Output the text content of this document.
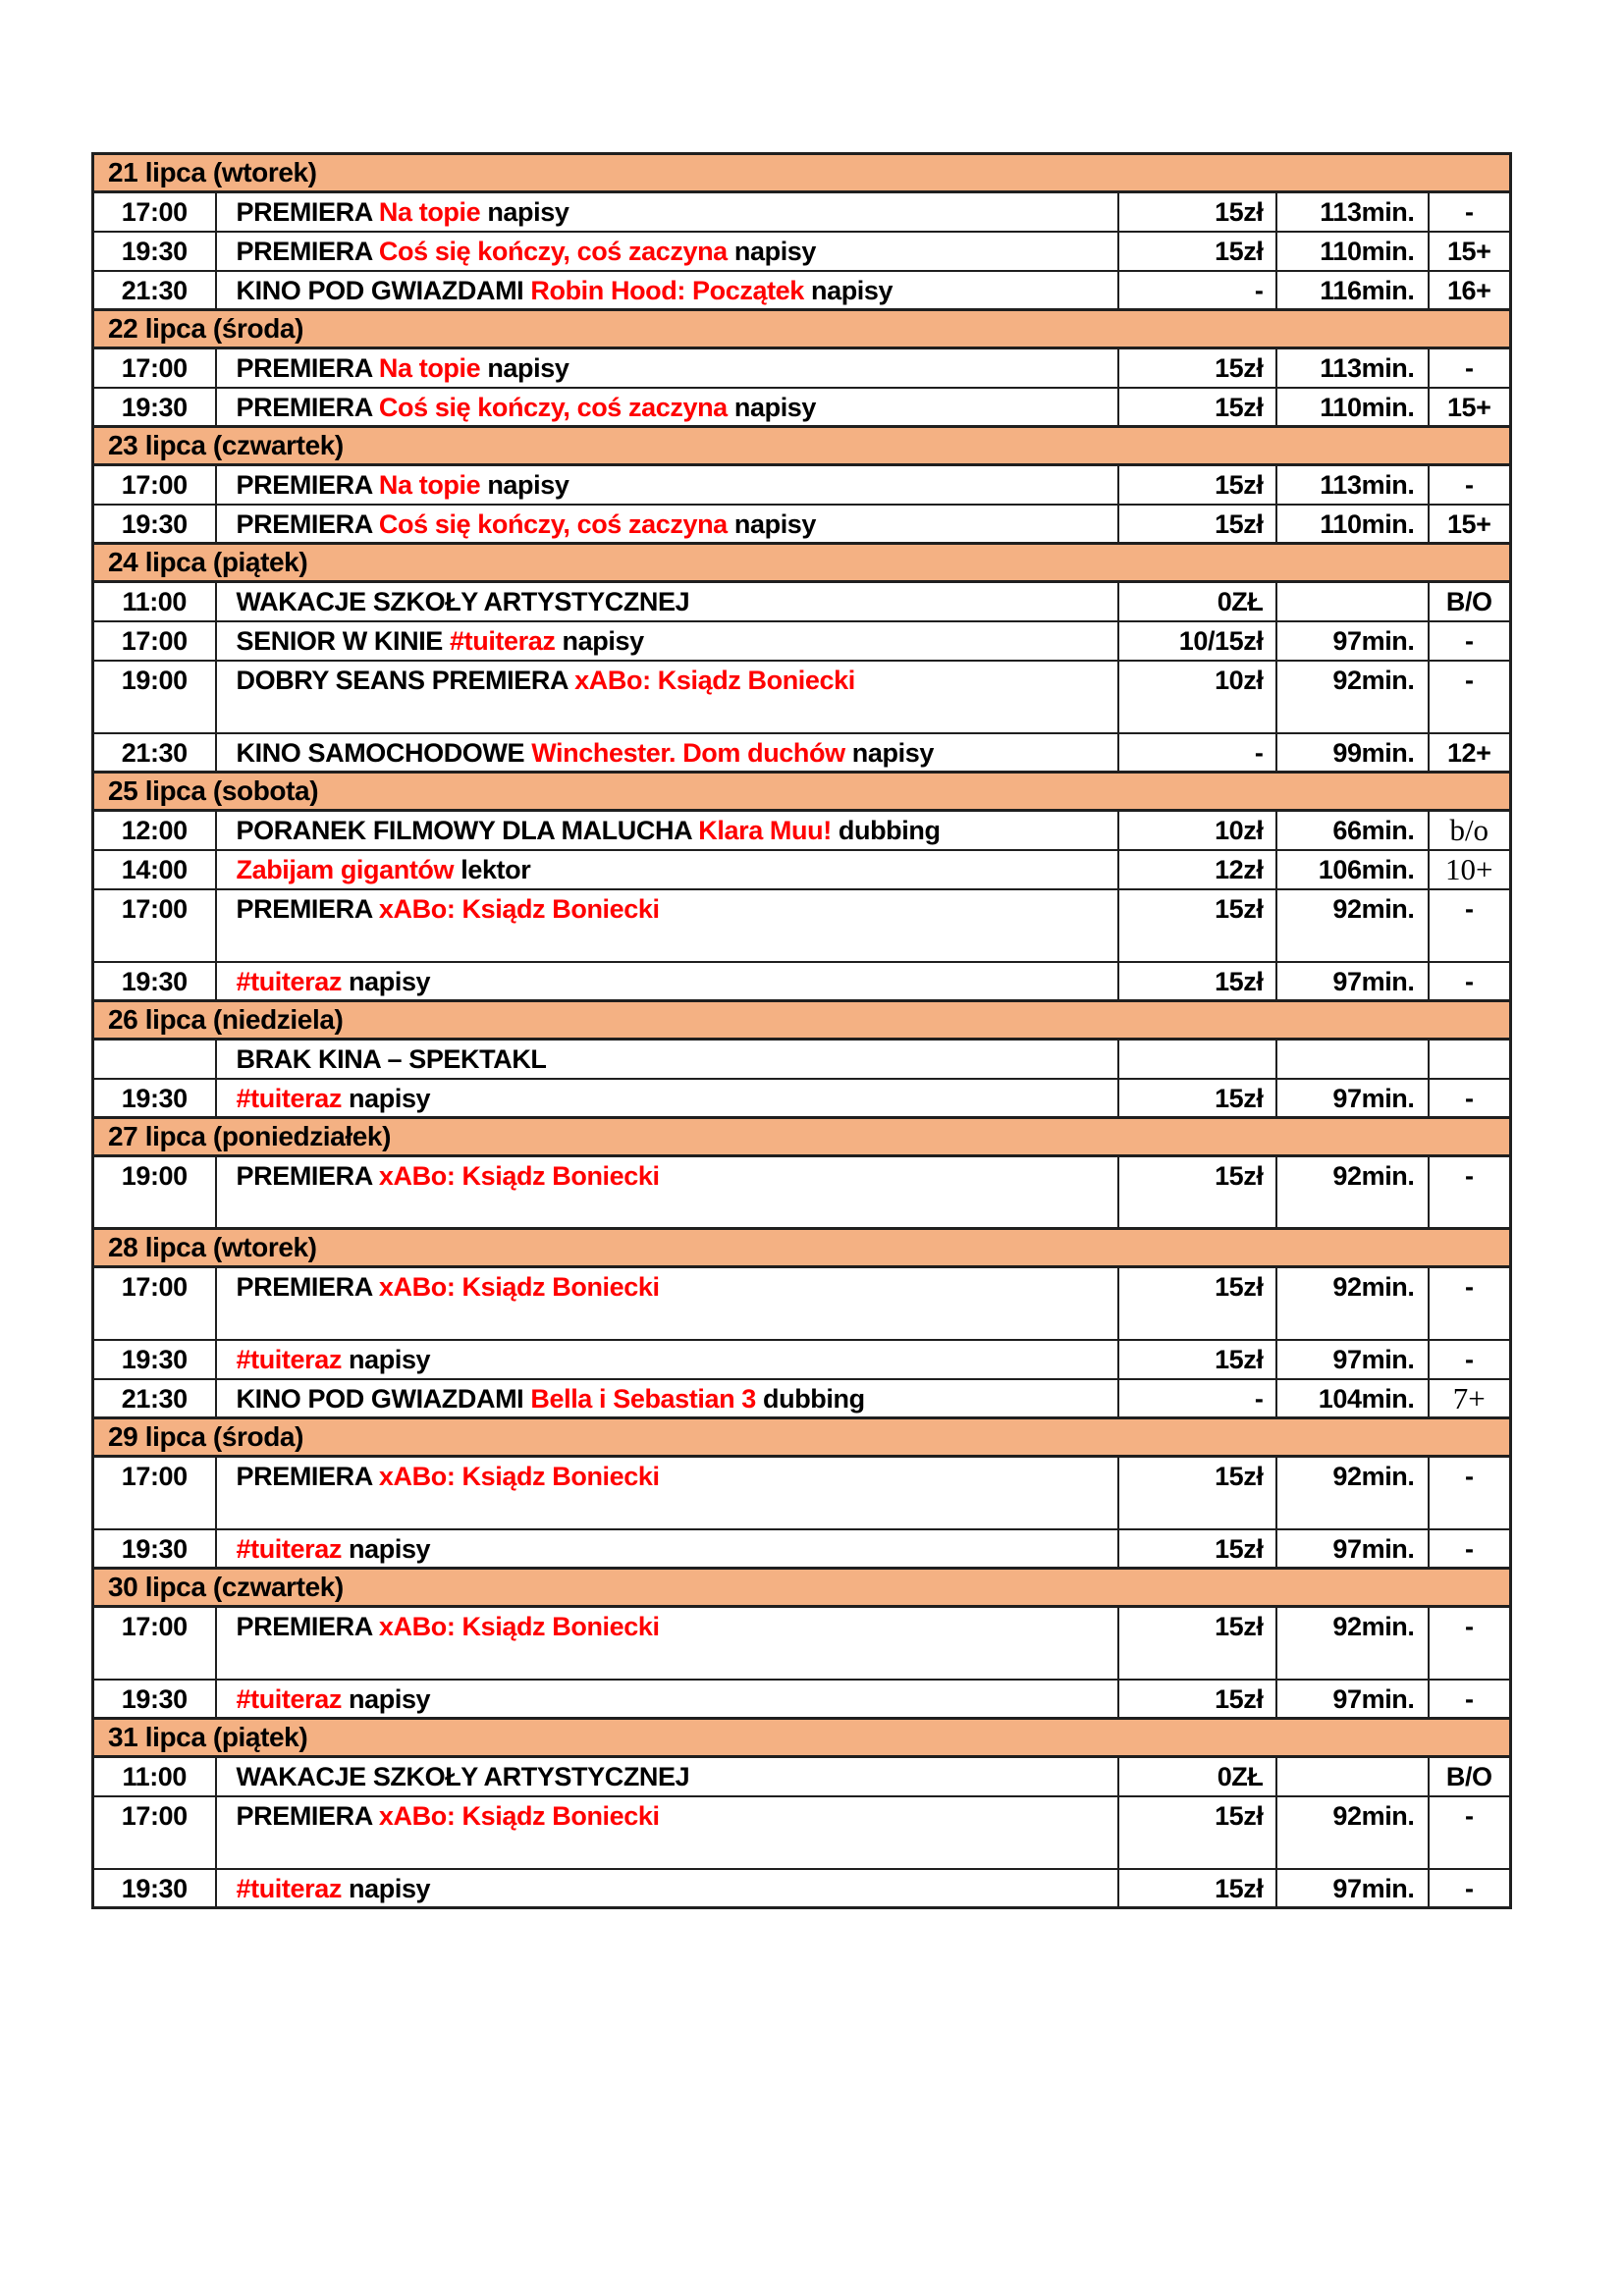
21 lipca (wtorek)				
17:00	PREMIERA Na topie napisy	15zł	113min.	-
19:30	PREMIERA Coś się kończy, coś zaczyna napisy	15zł	110min.	15+
21:30	KINO POD GWIAZDAMI Robin Hood: Początek napisy	-	116min.	16+
22 lipca (środa)				
17:00	PREMIERA Na topie napisy	15zł	113min.	-
19:30	PREMIERA Coś się kończy, coś zaczyna napisy	15zł	110min.	15+
23 lipca (czwartek)				
17:00	PREMIERA Na topie napisy	15zł	113min.	-
19:30	PREMIERA Coś się kończy, coś zaczyna napisy	15zł	110min.	15+
24 lipca (piątek)				
11:00	WAKACJE SZKOŁY ARTYSTYCZNEJ	0ZŁ		B/O
17:00	SENIOR W KINIE #tuiteraz napisy	10/15zł	97min.	-
19:00	DOBRY SEANS PREMIERA xABo: Ksiądz Boniecki	10zł	92min.	-
21:30	KINO SAMOCHODOWE Winchester. Dom duchów napisy	-	99min.	12+
25 lipca (sobota)				
12:00	PORANEK FILMOWY DLA MALUCHA Klara Muu! dubbing	10zł	66min.	b/o
14:00	Zabijam gigantów lektor	12zł	106min.	10+
17:00	PREMIERA xABo: Ksiądz Boniecki	15zł	92min.	-
19:30	#tuiteraz napisy	15zł	97min.	-
26 lipca (niedziela)				
	BRAK KINA – SPEKTAKL			
19:30	#tuiteraz napisy	15zł	97min.	-
27 lipca (poniedziałek)				
19:00	PREMIERA xABo: Ksiądz Boniecki	15zł	92min.	-
28 lipca (wtorek)				
17:00	PREMIERA xABo: Ksiądz Boniecki	15zł	92min.	-
19:30	#tuiteraz napisy	15zł	97min.	-
21:30	KINO POD GWIAZDAMI Bella i Sebastian 3 dubbing	-	104min.	7+
29 lipca (środa)				
17:00	PREMIERA xABo: Ksiądz Boniecki	15zł	92min.	-
19:30	#tuiteraz napisy	15zł	97min.	-
30 lipca (czwartek)				
17:00	PREMIERA xABo: Ksiądz Boniecki	15zł	92min.	-
19:30	#tuiteraz napisy	15zł	97min.	-
31 lipca (piątek)				
11:00	WAKACJE SZKOŁY ARTYSTYCZNEJ	0ZŁ		B/O
17:00	PREMIERA xABo: Ksiądz Boniecki	15zł	92min.	-
19:30	#tuiteraz napisy	15zł	97min.	-
